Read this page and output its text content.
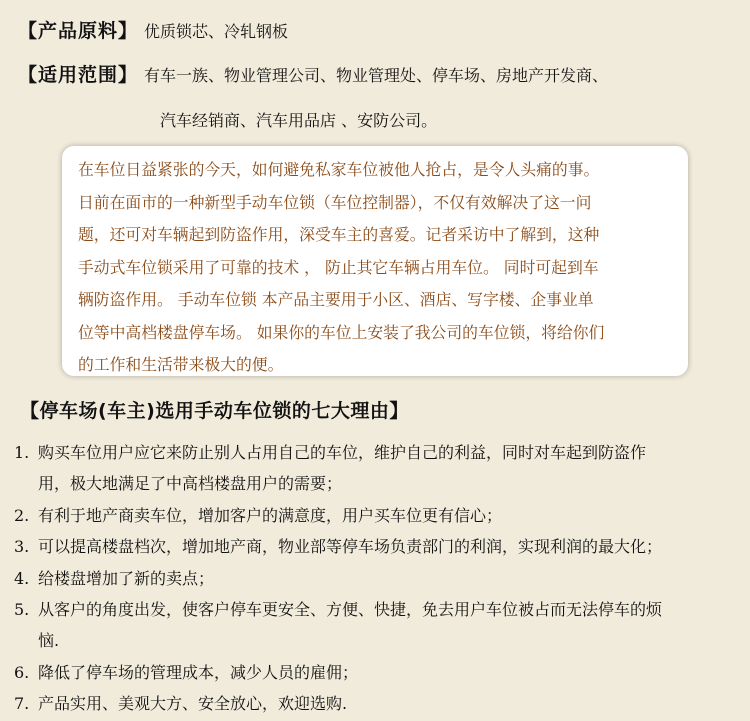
【产品原料】 优质锁芯、冷轧钢板
【适用范围】 有车一族、物业管理公司、物业管理处、停车场、房地产开发商、
汽车经销商、汽车用品店 、安防公司。
在车位日益紧张的今天，如何避免私家车位被他人抢占，是令人头痛的事。
日前在面市的一种新型手动车位锁（车位控制器），不仅有效解决了这一问
题，还可对车辆起到防盗作用，深受车主的喜爱。记者采访中了解到，这种
手动式车位锁采用了可靠的技术 ， 防止其它车辆占用车位。 同时可起到车
辆防盗作用。 手动车位锁 本产品主要用于小区、酒店、写字楼、企事业单
位等中高档楼盘停车场。 如果你的车位上安装了我公司的车位锁，将给你们
的工作和生活带来极大的便。
【停车场(车主)选用手动车位锁的七大理由】
1. 购买车位用户应它来防止别人占用自己的车位，维护自己的利益，同时对车起到防盗作
用，极大地满足了中高档楼盘用户的需要；
2. 有利于地产商卖车位，增加客户的满意度，用户买车位更有信心；
3. 可以提高楼盘档次，增加地产商，物业部等停车场负责部门的利润，实现利润的最大化；
4. 给楼盘增加了新的卖点；
5. 从客户的角度出发，使客户停车更安全、方便、快捷，免去用户车位被占而无法停车的烦
恼.
6. 降低了停车场的管理成本，减少人员的雇佣；
7. 产品实用、美观大方、安全放心，欢迎选购.
